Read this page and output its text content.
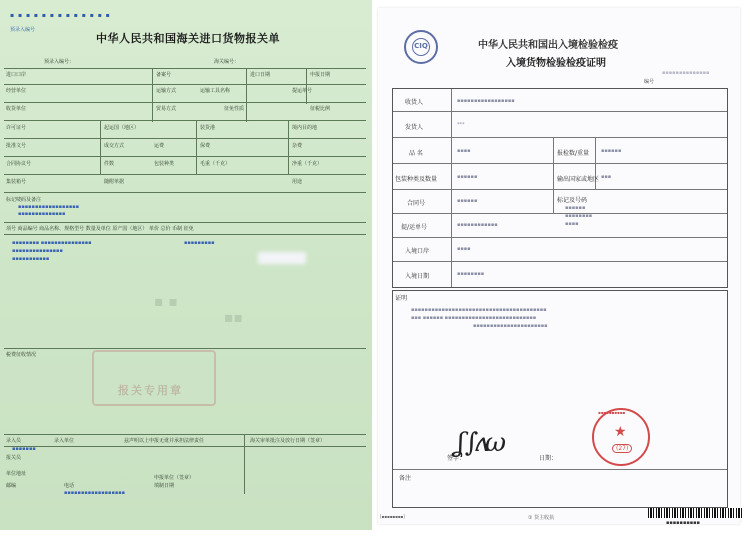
▪ ▪ ▪ ▪ ▪ ▪ ▪ ▪ ▪ ▪ ▪ ▪ ▪
预录入编号
中华人民共和国海关进口货物报关单
预录入编号：	海关编号：
进口口岸	备案号	进口日期	申报日期
经营单位	运输方式	运输工具名称	提运单号
收货单位	贸易方式	征免性质	征税比例
许可证号	起运国（地区）	装货港	境内目的地
批准文号	成交方式	运费	保费	杂费
合同协议号	件数	包装种类	毛重（千克）	净重（千克）
集装箱号	随附单据	用途
标记唛码及备注
▪▪▪▪▪▪▪▪▪▪▪▪▪▪▪▪▪▪
▪▪▪▪▪▪▪▪▪▪▪▪▪▪
项号 商品编号 商品名称、规格型号 数量及单位 原产国（地区） 单价 总价 币制 征免
▪▪▪▪▪▪▪▪ ▪▪▪▪▪▪▪▪▪▪▪▪▪▪▪
▪▪▪▪▪▪▪▪▪▪▪▪▪▪▪
▪▪▪▪▪▪▪▪▪▪▪
▪▪▪▪▪▪▪▪▪
▪ ▪
▪▪
税费征收情况
录入员	录入单位	兹声明以上申报无讹并承担法律责任	海关审单批注及放行日期（签章）
报关员
▪▪▪▪▪▪▪
申报单位（签章）
单位地址
邮编	电话	填制日期
▪▪▪▪▪▪▪▪▪▪▪▪▪▪▪▪▪▪
报关专用章
CIQ	中华人民共和国出入境检验检疫
入境货物检验检疫证明
▪▪▪▪▪▪▪▪▪▪▪▪▪▪
编号
收货人	▪▪▪▪▪▪▪▪▪▪▪▪▪▪▪▪▪
发货人	***
品 名	▪▪▪▪	报检数/重量 ▪▪▪▪▪▪
包装种类及数量	▪▪▪▪▪▪	输出国家或地区 ▪▪▪
合同号	▪▪▪▪▪▪	标记及号码
▪▪▪▪▪▪
▪▪▪▪▪▪▪▪
▪▪▪▪
提/运单号	▪▪▪▪▪▪▪▪▪▪▪▪
入境口岸	▪▪▪▪
入境日期	▪▪▪▪▪▪▪▪
证明
▪▪▪▪▪▪▪▪▪▪▪▪▪▪▪▪▪▪▪▪▪▪▪▪▪▪▪▪▪▪▪▪▪▪▪▪▪▪▪▪
▪▪▪ ▪▪▪▪▪▪ ▪▪▪▪▪▪▪▪▪▪▪▪▪▪▪▪▪▪▪▪▪▪▪▪▪▪▪
▪▪▪▪▪▪▪▪▪▪▪▪▪▪▪▪▪▪▪▪▪▪
签字：	日期：
备注
ʆ ∫ʌω	★
(27)
▪▪▪▪▪▪▪▪▪▪
[▪▪▪▪▪▪▪▪]	① 货主收执
▪▪▪▪▪▪▪▪▪▪
